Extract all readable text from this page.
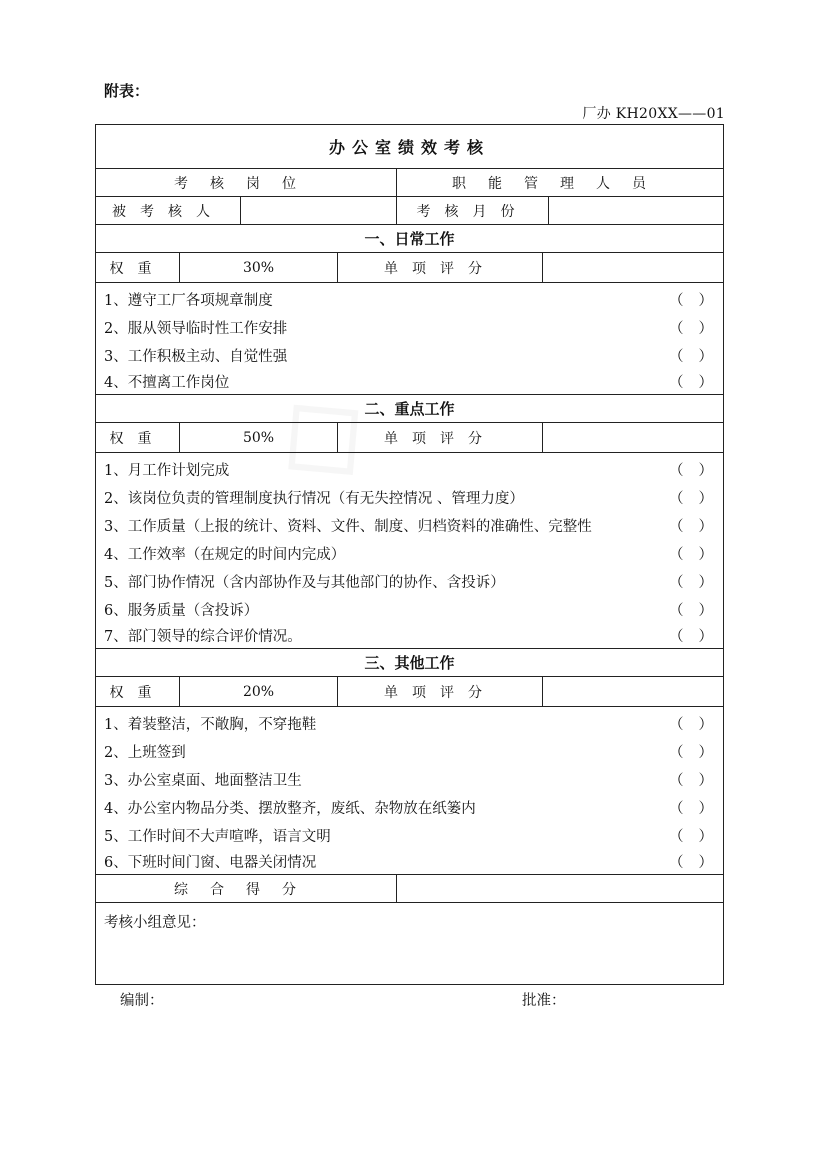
附表：
厂办 KH20XX——01
办公室绩效考核
考核岗位	职能管理人员
被考核人	考核月份
一、日常工作
权重	30%	单项评分
1、遵守工厂各项规章制度	（ ）
2、服从领导临时性工作安排	（ ）
3、工作积极主动、自觉性强	（ ）
4、不擅离工作岗位	（ ）
二、重点工作
权重	50%	单项评分
1、月工作计划完成	（ ）
2、该岗位负责的管理制度执行情况（有无失控情况 、管理力度）	（ ）
3、工作质量（上报的统计、资料、文件、制度、归档资料的准确性、完整性	（ ）
4、工作效率（在规定的时间内完成）	（ ）
5、部门协作情况（含内部协作及与其他部门的协作、含投诉）	（ ）
6、服务质量（含投诉）	（ ）
7、部门领导的综合评价情况。	（ ）
三、其他工作
权重	20%	单项评分
1、着装整洁，不敞胸，不穿拖鞋	（ ）
2、上班签到	（ ）
3、办公室桌面、地面整洁卫生	（ ）
4、办公室内物品分类、摆放整齐，废纸、杂物放在纸篓内	（ ）
5、工作时间不大声喧哗，语言文明	（ ）
6、下班时间门窗、电器关闭情况	（ ）
综合得分
考核小组意见：
编制：	批准：
